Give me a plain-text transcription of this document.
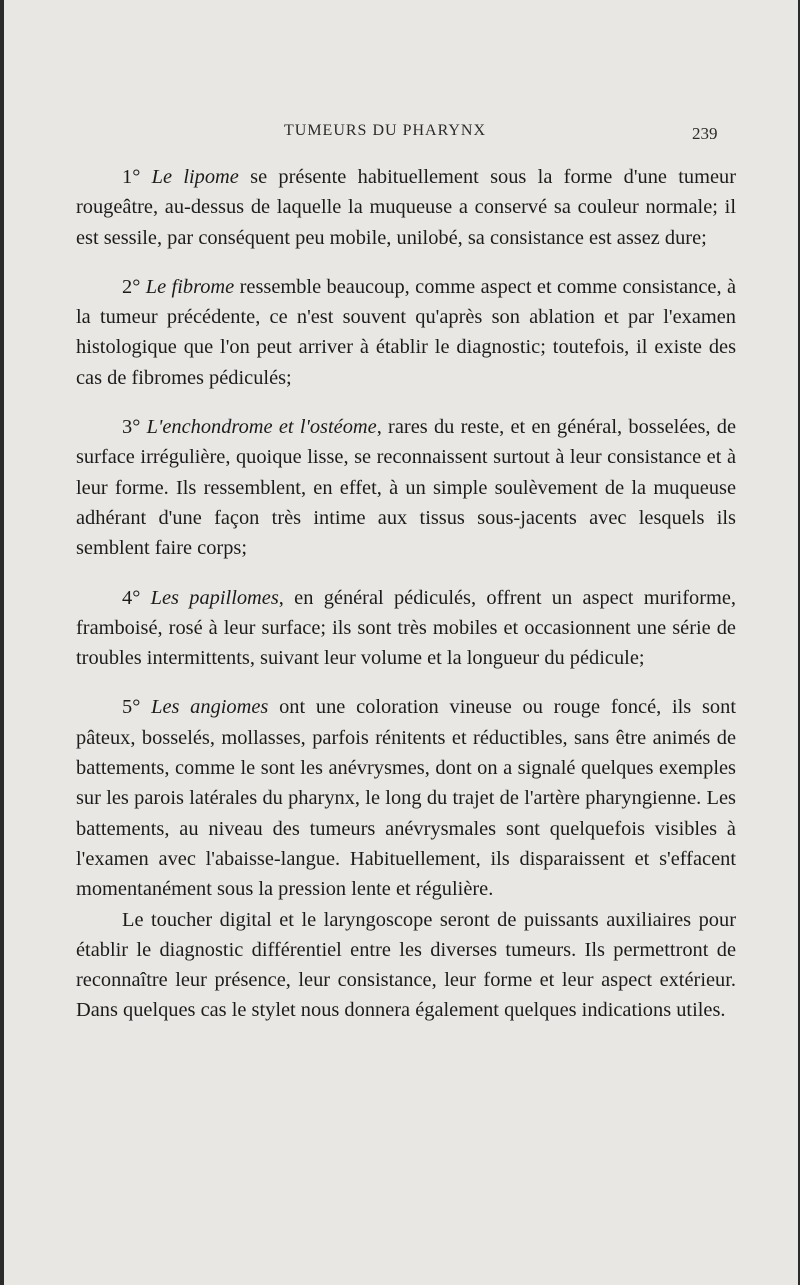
TUMEURS DU PHARYNX	239

1° Le lipome se présente habituellement sous la forme d'une tumeur rougeâtre, au-dessus de laquelle la muqueuse a conservé sa couleur normale; il est sessile, par conséquent peu mobile, unilobé, sa consistance est assez dure;

2° Le fibrome ressemble beaucoup, comme aspect et comme consistance, à la tumeur précédente, ce n'est souvent qu'après son ablation et par l'examen histologique que l'on peut arriver à établir le diagnostic; toutefois, il existe des cas de fibromes pédiculés;

3° L'enchondrome et l'ostéome, rares du reste, et en général, bosselées, de surface irrégulière, quoique lisse, se reconnaissent surtout à leur consistance et à leur forme. Ils ressemblent, en effet, à un simple soulèvement de la muqueuse adhérant d'une façon très intime aux tissus sous-jacents avec lesquels ils semblent faire corps;

4° Les papillomes, en général pédiculés, offrent un aspect muriforme, framboisé, rosé à leur surface; ils sont très mobiles et occasionnent une série de troubles intermittents, suivant leur volume et la longueur du pédicule;

5° Les angiomes ont une coloration vineuse ou rouge foncé, ils sont pâteux, bosselés, mollasses, parfois rénitents et réductibles, sans être animés de battements, comme le sont les anévrysmes, dont on a signalé quelques exemples sur les parois latérales du pharynx, le long du trajet de l'artère pharyngienne. Les battements, au niveau des tumeurs anévrysmales sont quelquefois visibles à l'examen avec l'abaisse-langue. Habituellement, ils disparaissent et s'effacent momentanément sous la pression lente et régulière.

Le toucher digital et le laryngoscope seront de puissants auxiliaires pour établir le diagnostic différentiel entre les diverses tumeurs. Ils permettront de reconnaître leur présence, leur consistance, leur forme et leur aspect extérieur. Dans quelques cas le stylet nous donnera également quelques indications utiles.
